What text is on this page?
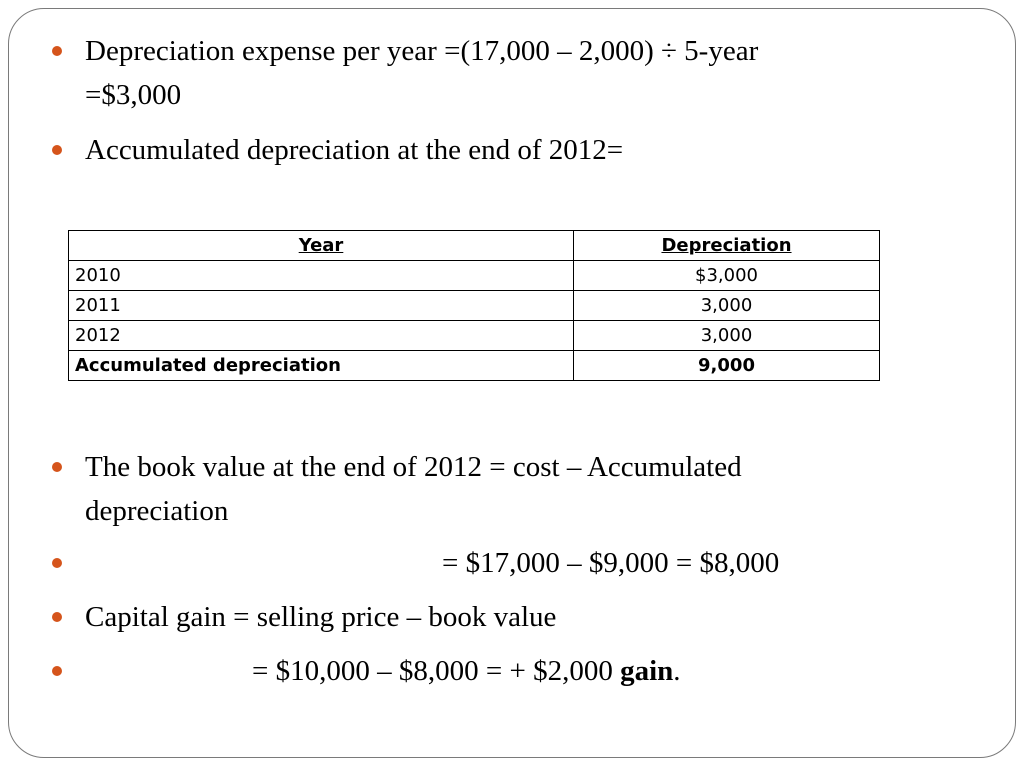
Depreciation expense per year =(17,000 – 2,000) ÷ 5-year
=$3,000
Accumulated depreciation at the end of 2012=
Year	Depreciation
2010	$3,000
2011	3,000
2012	3,000
Accumulated depreciation	9,000
The book value at the end of 2012 = cost – Accumulated
depreciation
= $17,000 – $9,000 = $8,000
Capital gain = selling price – book value
= $10,000 – $8,000 = + $2,000 gain.
